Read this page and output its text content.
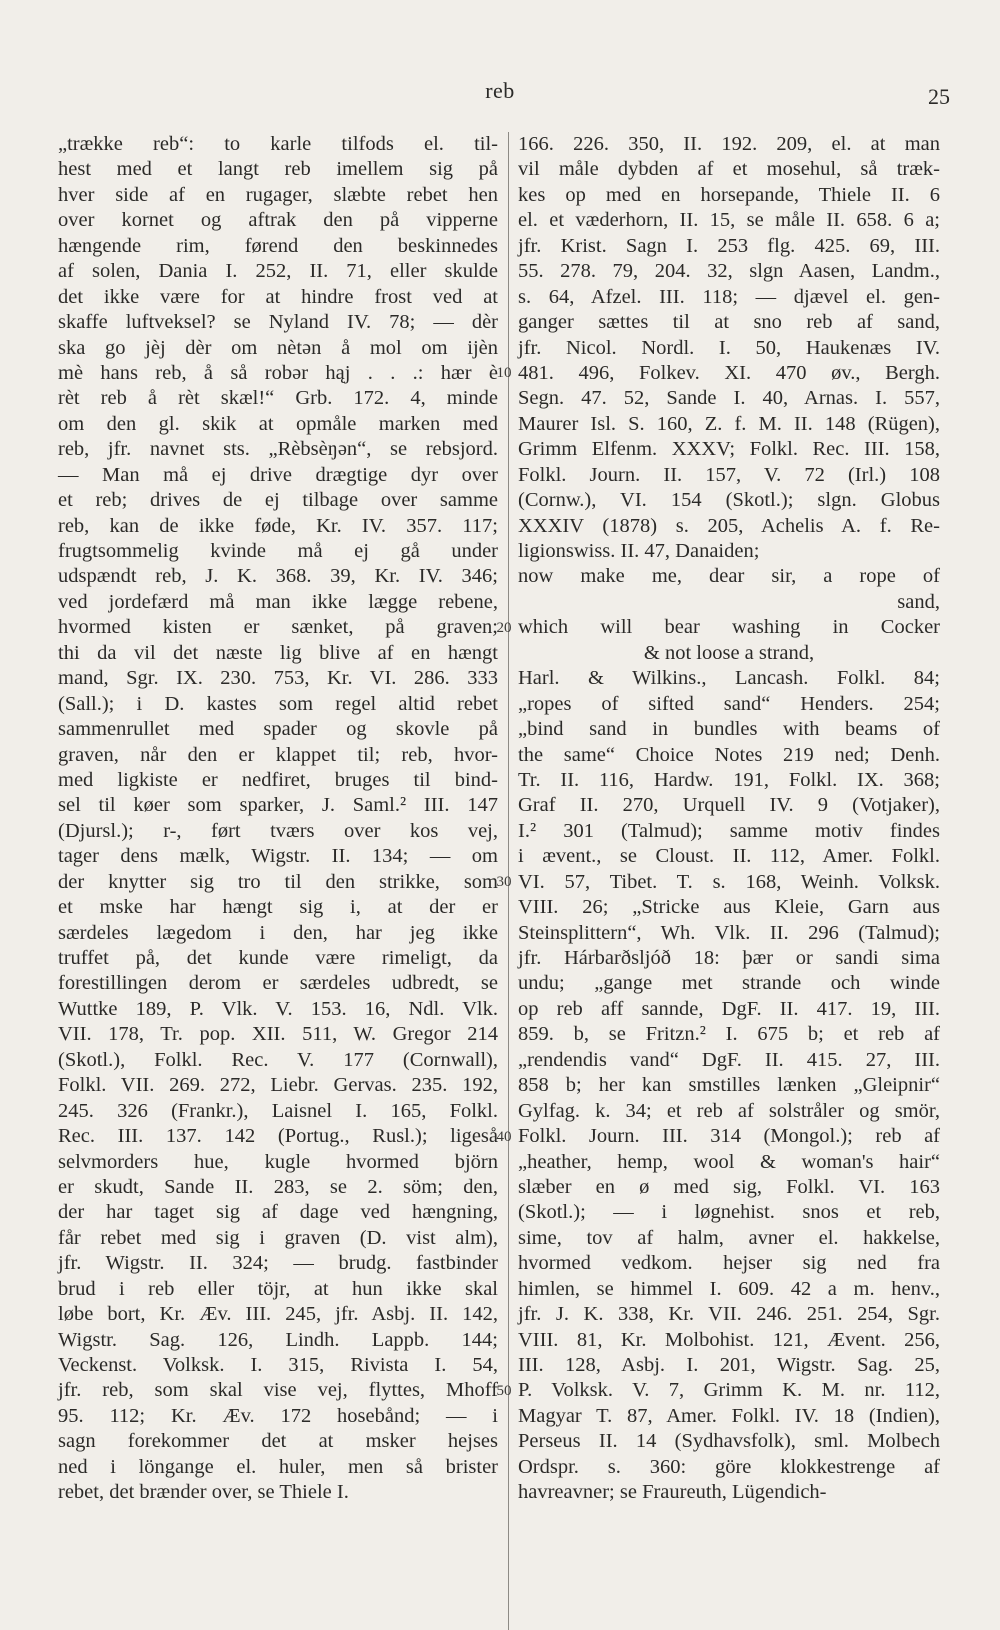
reb	25
„trække reb“: to karle tilfods el. til-
hest med et langt reb imellem sig på
hver side af en rugager, slæbte rebet hen
over kornet og aftrak den på vipperne
hængende rim, førend den beskinnedes
af solen, Dania I. 252, II. 71, eller skulde
det ikke være for at hindre frost ved at
skaffe luftveksel? se Nyland IV. 78; — dèr
ska go jèj dèr om nètən å mol om ijèn
mè hans reb, å så robər hąj . . .: hær è
rèt reb å rèt skæl!“ Grb. 172. 4, minde
om den gl. skik at opmåle marken med
reb, jfr. navnet sts. „Rèbsèŋən“, se rebsjord.
— Man må ej drive drægtige dyr over
et reb; drives de ej tilbage over samme
reb, kan de ikke føde, Kr. IV. 357. 117;
frugtsommelig kvinde må ej gå under
udspændt reb, J. K. 368. 39, Kr. IV. 346;
ved jordefærd må man ikke lægge rebene,
hvormed kisten er sænket, på graven;
thi da vil det næste lig blive af en hængt
mand, Sgr. IX. 230. 753, Kr. VI. 286. 333
(Sall.); i D. kastes som regel altid rebet
sammenrullet med spader og skovle på
graven, når den er klappet til; reb, hvor-
med ligkiste er nedfiret, bruges til bind-
sel til køer som sparker, J. Saml.² III. 147
(Djursl.); r-, ført tværs over kos vej,
tager dens mælk, Wigstr. II. 134; — om
der knytter sig tro til den strikke, som
et mske har hængt sig i, at der er
særdeles lægedom i den, har jeg ikke
truffet på, det kunde være rimeligt, da
forestillingen derom er særdeles udbredt, se
Wuttke 189, P. Vlk. V. 153. 16, Ndl. Vlk.
VII. 178, Tr. pop. XII. 511, W. Gregor 214
(Skotl.), Folkl. Rec. V. 177 (Cornwall),
Folkl. VII. 269. 272, Liebr. Gervas. 235. 192,
245. 326 (Frankr.), Laisnel I. 165, Folkl.
Rec. III. 137. 142 (Portug., Rusl.); ligeså
selvmorders hue, kugle hvormed björn
er skudt, Sande II. 283, se 2. söm; den,
der har taget sig af dage ved hængning,
får rebet med sig i graven (D. vist alm),
jfr. Wigstr. II. 324; — brudg. fastbinder
brud i reb eller töjr, at hun ikke skal
løbe bort, Kr. Æv. III. 245, jfr. Asbj. II. 142,
Wigstr. Sag. 126, Lindh. Lappb. 144;
Veckenst. Volksk. I. 315, Rivista I. 54,
jfr. reb, som skal vise vej, flyttes, Mhoff
95. 112; Kr. Æv. 172 hosebånd; — i
sagn forekommer det at msker hejses
ned i löngange el. huler, men så brister
rebet, det brænder over, se Thiele I.
166. 226. 350, II. 192. 209, el. at man
vil måle dybden af et mosehul, så træk-
kes op med en horsepande, Thiele II. 6
el. et væderhorn, II. 15, se måle II. 658. 6 a;
jfr. Krist. Sagn I. 253 flg. 425. 69, III.
55. 278. 79, 204. 32, slgn Aasen, Landm.,
s. 64, Afzel. III. 118; — djævel el. gen-
ganger sættes til at sno reb af sand,
jfr. Nicol. Nordl. I. 50, Haukenæs IV.
481. 496, Folkev. XI. 470 øv., Bergh.
Segn. 47. 52, Sande I. 40, Arnas. I. 557,
Maurer Isl. S. 160, Z. f. M. II. 148 (Rügen),
Grimm Elfenm. XXXV; Folkl. Rec. III. 158,
Folkl. Journ. II. 157, V. 72 (Irl.) 108
(Cornw.), VI. 154 (Skotl.); slgn. Globus
XXXIV (1878) s. 205, Achelis A. f. Re-
ligionswiss. II. 47, Danaiden;
now make me, dear sir, a rope of
sand,
which will bear washing in Cocker
& not loose a strand,
Harl. & Wilkins., Lancash. Folkl. 84;
„ropes of sifted sand“ Henders. 254;
„bind sand in bundles with beams of
the same“ Choice Notes 219 ned; Denh.
Tr. II. 116, Hardw. 191, Folkl. IX. 368;
Graf II. 270, Urquell IV. 9 (Votjaker),
I.² 301 (Talmud); samme motiv findes
i ævent., se Cloust. II. 112, Amer. Folkl.
VI. 57, Tibet. T. s. 168, Weinh. Volksk.
VIII. 26; „Stricke aus Kleie, Garn aus
Steinsplittern“, Wh. Vlk. II. 296 (Talmud);
jfr. Hárbarðsljóð 18: þær or sandi sima
undu; „gange met strande och winde
op reb aff sannde, DgF. II. 417. 19, III.
859. b, se Fritzn.² I. 675 b; et reb af
„rendendis vand“ DgF. II. 415. 27, III.
858 b; her kan smstilles lænken „Gleipnir“
Gylfag. k. 34; et reb af solstråler og smör,
Folkl. Journ. III. 314 (Mongol.); reb af
„heather, hemp, wool & woman's hair“
slæber en ø med sig, Folkl. VI. 163
(Skotl.); — i løgnehist. snos et reb,
sime, tov af halm, avner el. hakkelse,
hvormed vedkom. hejser sig ned fra
himlen, se himmel I. 609. 42 a m. henv.,
jfr. J. K. 338, Kr. VII. 246. 251. 254, Sgr.
VIII. 81, Kr. Molbohist. 121, Ævent. 256,
III. 128, Asbj. I. 201, Wigstr. Sag. 25,
P. Volksk. V. 7, Grimm K. M. nr. 112,
Magyar T. 87, Amer. Folkl. IV. 18 (Indien),
Perseus II. 14 (Sydhavsfolk), sml. Molbech
Ordspr. s. 360: göre klokkestrenge af
havreavner; se Fraureuth, Lügendich-
10
20
30
40
50
